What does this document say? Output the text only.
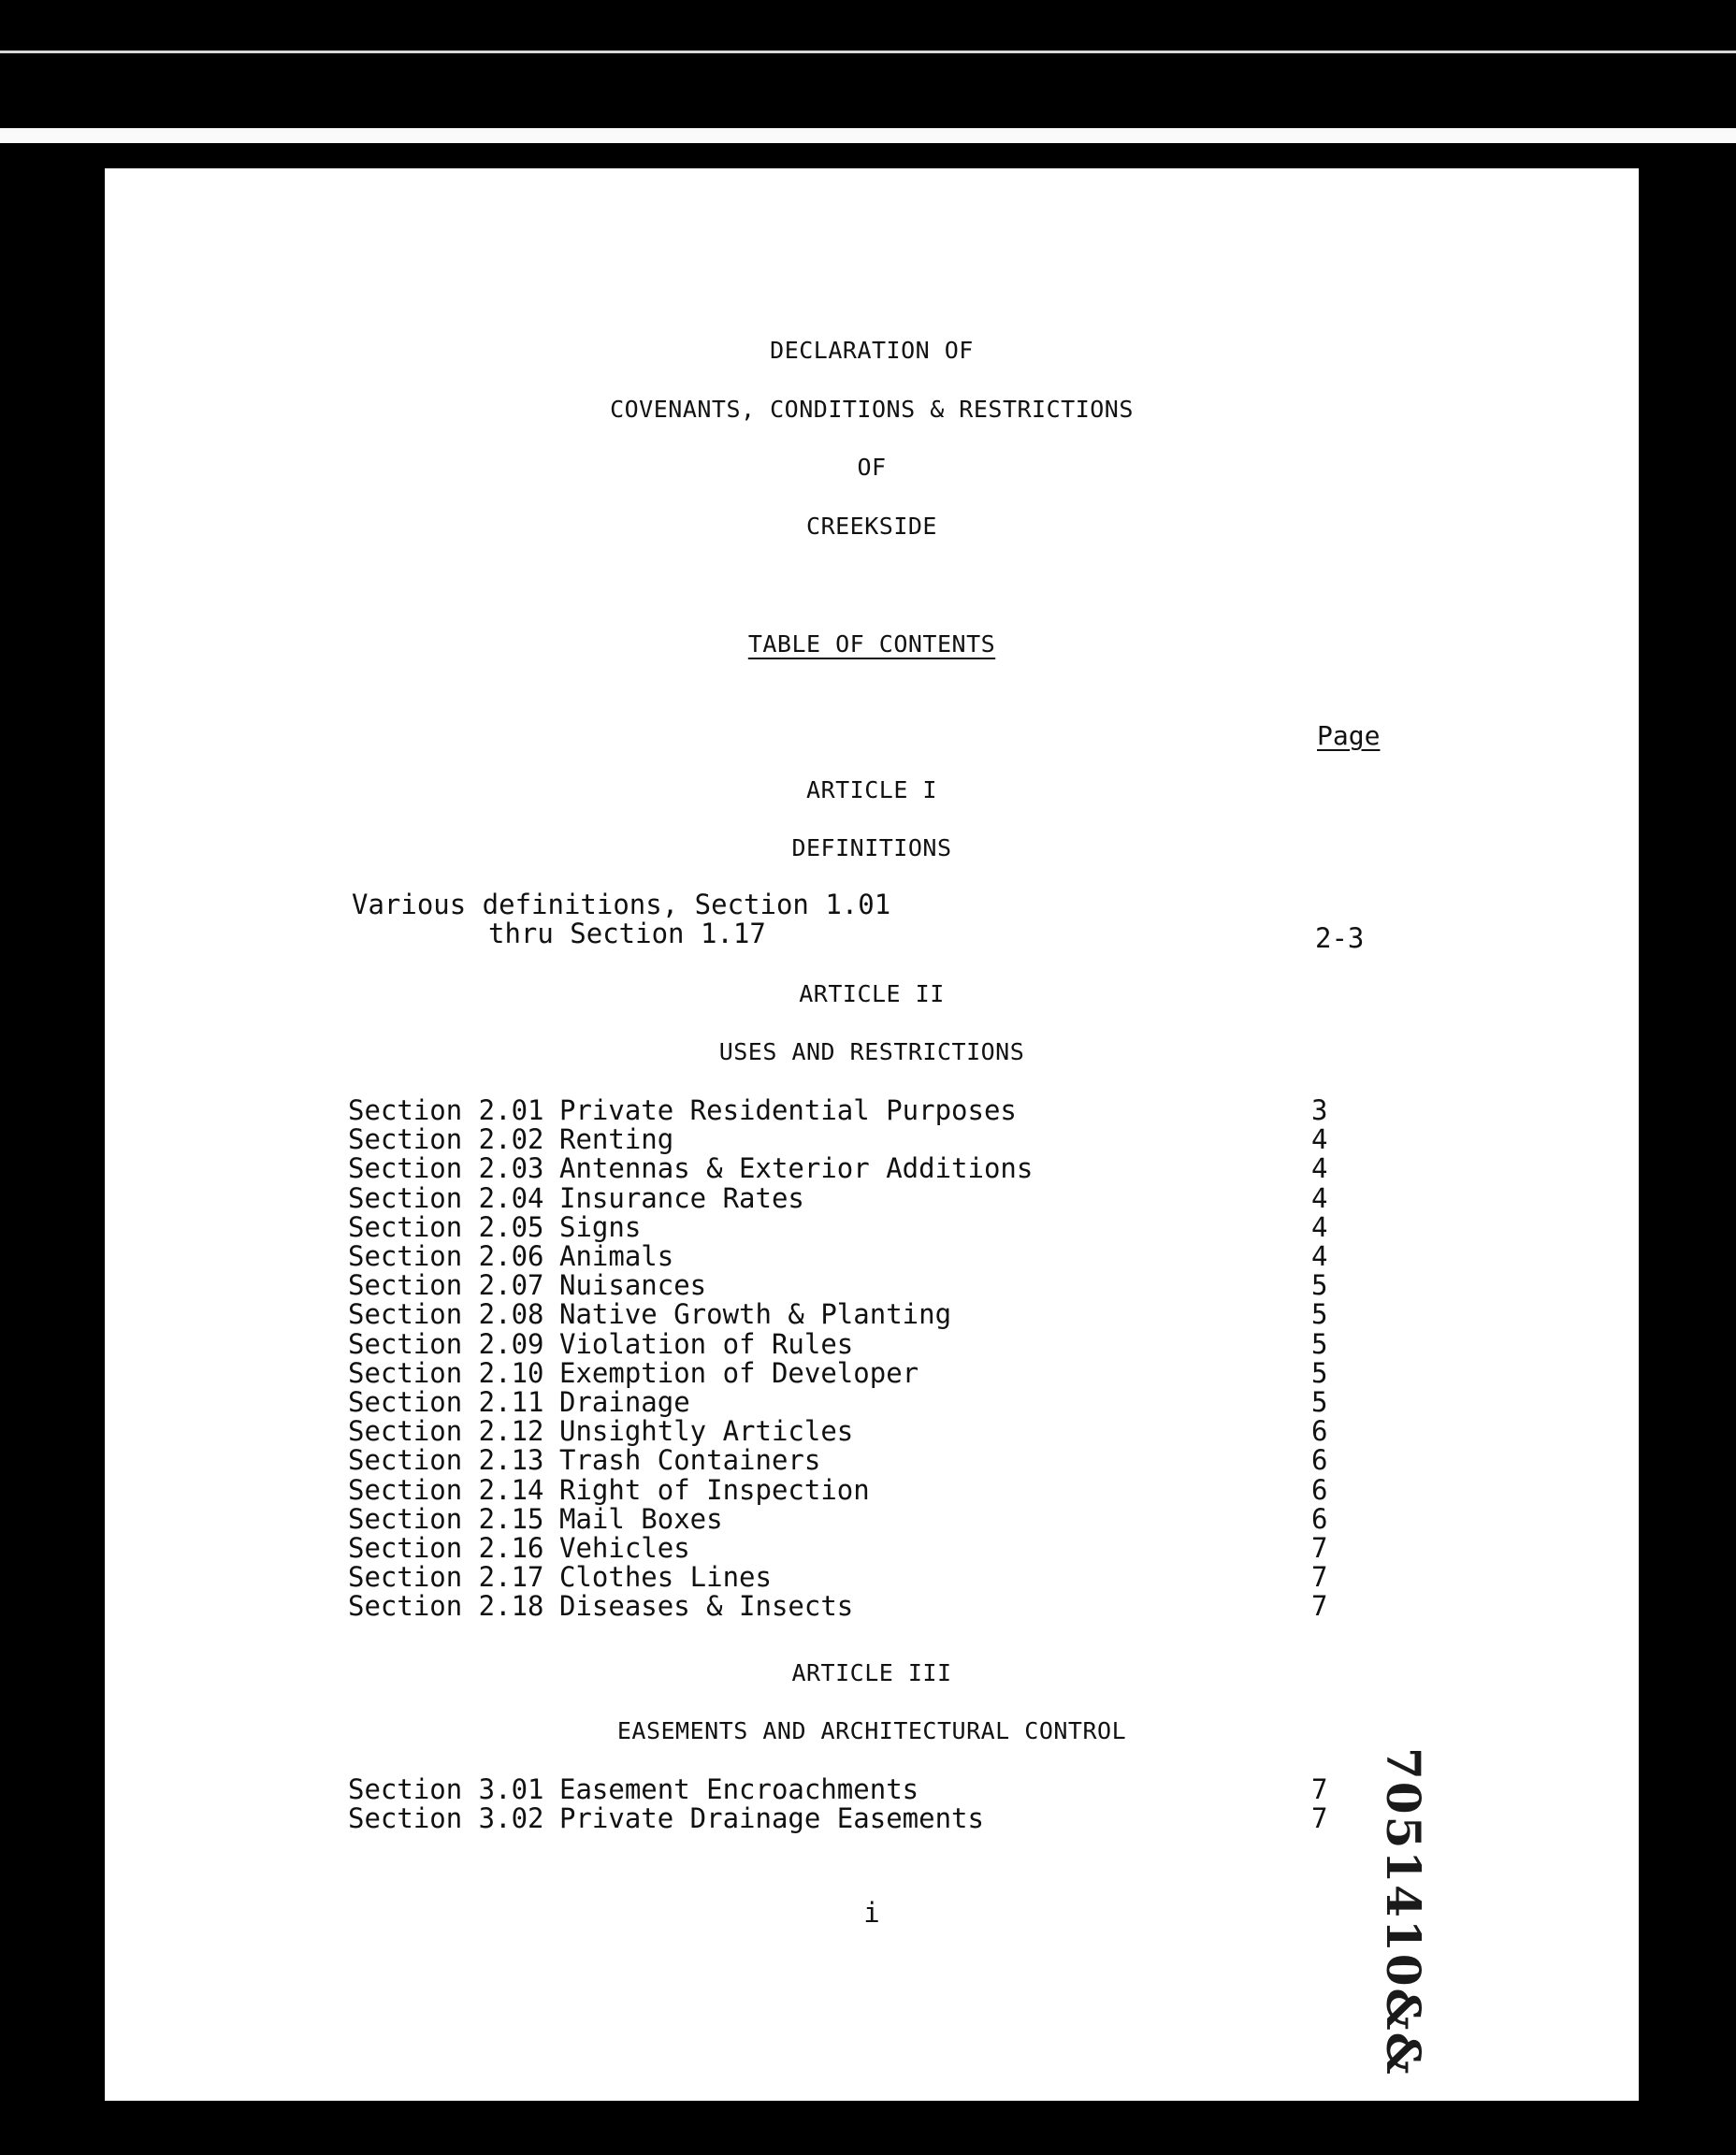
DECLARATION OF
COVENANTS, CONDITIONS & RESTRICTIONS
OF
CREEKSIDE
TABLE OF CONTENTS
Page
ARTICLE I
DEFINITIONS
Various definitions, Section 1.01
thru Section 1.17	2-3
ARTICLE II
USES AND RESTRICTIONS
Section 2.01 Private Residential Purposes	3
Section 2.02 Renting	4
Section 2.03 Antennas & Exterior Additions	4
Section 2.04 Insurance Rates	4
Section 2.05 Signs	4
Section 2.06 Animals	4
Section 2.07 Nuisances	5
Section 2.08 Native Growth & Planting	5
Section 2.09 Violation of Rules	5
Section 2.10 Exemption of Developer	5
Section 2.11 Drainage	5
Section 2.12 Unsightly Articles	6
Section 2.13 Trash Containers	6
Section 2.14 Right of Inspection	6
Section 2.15 Mail Boxes	6
Section 2.16 Vehicles	7
Section 2.17 Clothes Lines	7
Section 2.18 Diseases & Insects	7
ARTICLE III
EASEMENTS AND ARCHITECTURAL CONTROL
Section 3.01 Easement Encroachments	7
Section 3.02 Private Drainage Easements	7 7051410&&
i
